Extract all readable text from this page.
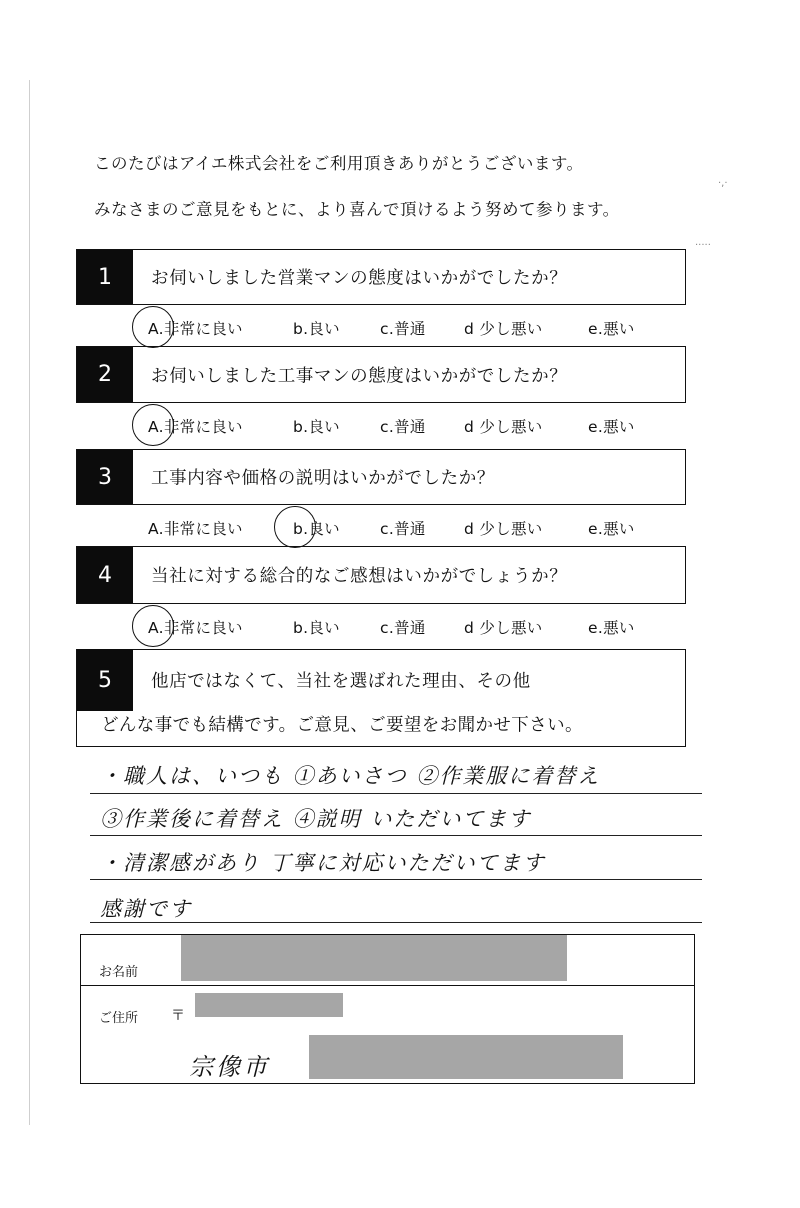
·,·
·····
このたびはアイエ株式会社をご利用頂きありがとうございます。
みなさまのご意見をもとに、より喜んで頂けるよう努めて参ります。
1	お伺いしました営業マンの態度はいかがでしたか？
A.非常に良い	b.良い	c.普通 d 少し悪い	e.悪い
2	お伺いしました工事マンの態度はいかがでしたか？
A.非常に良い	b.良い	c.普通 d 少し悪い	e.悪い
3	工事内容や価格の説明はいかがでしたか？
A.非常に良い	b.良い	c.普通 d 少し悪い	e.悪い
4	当社に対する総合的なご感想はいかがでしょうか？
A.非常に良い	b.良い	c.普通 d 少し悪い	e.悪い
5	他店ではなくて、当社を選ばれた理由、その他
どんな事でも結構です。ご意見、ご要望をお聞かせ下さい。
・職人は、いつも ①あいさつ ②作業服に着替え
③作業後に着替え ④説明 いただいてます
・清潔感があり 丁寧に対応いただいてます
感謝です
お名前
ご住所 〒
宗像市
